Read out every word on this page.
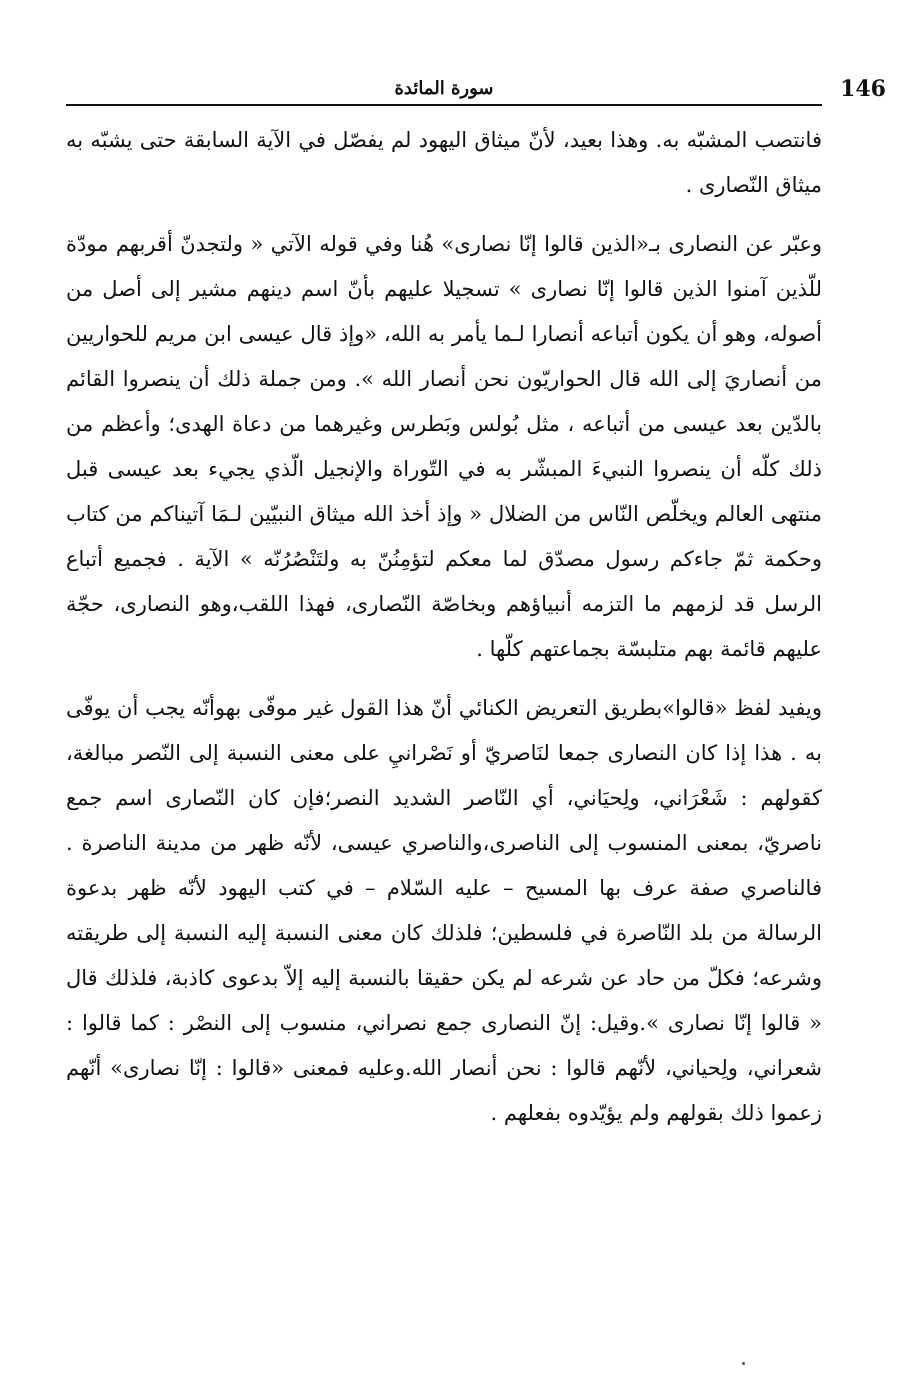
146
سورة المائدة

فانتصب المشبّه به. وهذا بعيد، لأنّ ميثاق اليهود لم يفصّل في الآية السابقة حتى يشبّه به ميثاق النّصارى .

وعبّر عن النصارى بـ«الذين قالوا إنّا نصارى» هُنا وفي قوله الآتي « ولتجدنّ أقربهم مودّة للّذين آمنوا الذين قالوا إنّا نصارى » تسجيلا عليهم بأنّ اسم دينهم مشير إلى أصل من أصوله، وهو أن يكون أتباعه أنصارا لـما يأمر به الله، «وإذ قال عيسى ابن مريم للحواريين من أنصاريَ إلى الله قال الحواريّون نحن أنصار الله ». ومن جملة ذلك أن ينصروا القائم بالدّين بعد عيسى من أتباعه ، مثل بُولس وبَطرس وغيرهما من دعاة الهدى؛ وأعظم من ذلك كلّه أن ينصروا النبيءَ المبشّر به في التّوراة والإنجيل الّذي يجيء بعد عيسى قبل منتهى العالم ويخلّص النّاس من الضلال « وإذ أخذ الله ميثاق النبيّين لـمَا آتيناكم من كتاب وحكمة ثمّ جاءكم رسول مصدّق لما معكم لتؤمِنُنّ به ولتَنْصُرُنّه » الآية . فجميع أتباع الرسل قد لزمهم ما التزمه أنبياؤهم وبخاصّة النّصارى، فهذا اللقب،وهو النصارى، حجّة عليهم قائمة بهم متلبسّة بجماعتهم كلّها .

ويفيد لفظ «قالوا»بطريق التعريض الكنائي أنّ هذا القول غير موفّى بهوأنّه يجب أن يوفّى به . هذا إذا كان النصارى جمعا لنَاصريّ أو نَصْرانيِ على معنى النسبة إلى النّصر مبالغة، كقولهم : شَعْرَاني، ولِحيَاني، أي النّاصر الشديد النصر؛فإن كان النّصارى اسم جمع ناصريّ، بمعنى المنسوب إلى الناصرى،والناصري عيسى، لأنّه ظهر من مدينة الناصرة . فالناصري صفة عرف بها المسيح – عليه السّلام – في كتب اليهود لأنّه ظهر بدعوة الرسالة من بلد النّاصرة في فلسطين؛ فلذلك كان معنى النسبة إليه النسبة إلى طريقته وشرعه؛ فكلّ من حاد عن شرعه لم يكن حقيقا بالنسبة إليه إلاّ بدعوى كاذبة، فلذلك قال « قالوا إنّا نصارى ».وقيل: إنّ النصارى جمع نصراني، منسوب إلى النصْر : كما قالوا : شعراني، ولِحياني، لأنّهم قالوا : نحن أنصار الله.وعليه فمعنى «قالوا : إنّا نصارى» أنّهم زعموا ذلك بقولهم ولم يؤيّدوه بفعلهم .
